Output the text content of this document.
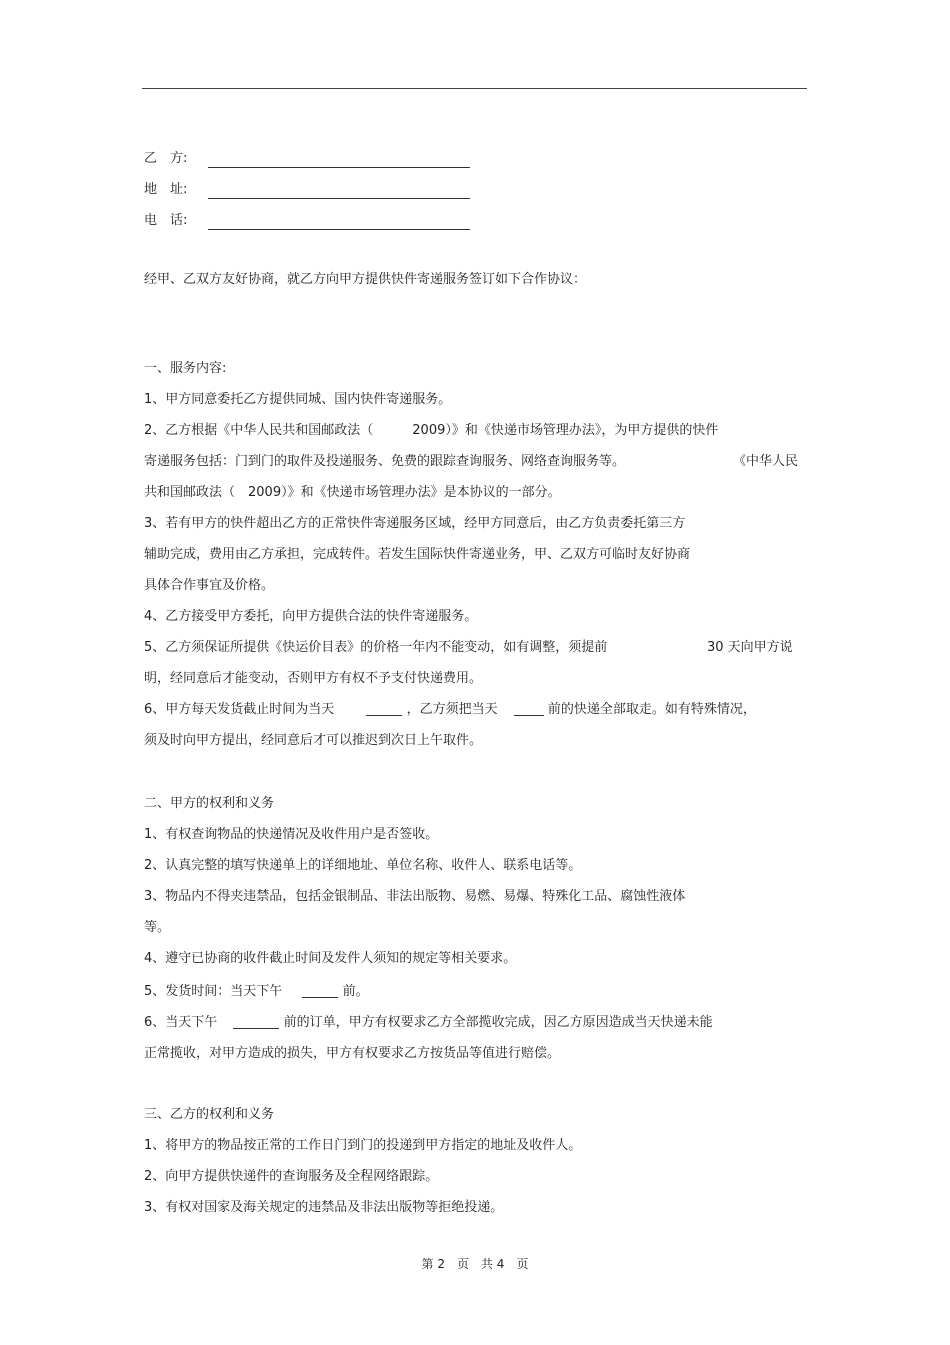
乙　方:
地　址:
电　话:
经甲、乙双方友好协商，就乙方向甲方提供快件寄递服务签订如下合作协议：
一、服务内容:
1、甲方同意委托乙方提供同城、国内快件寄递服务。
2、乙方根据《中华人民共和国邮政法（　　　2009）》和《快递市场管理办法》，为甲方提供的快件
寄递服务包括：门到门的取件及投递服务、免费的跟踪查询服务、网络查询服务等。	《中华人民
共和国邮政法（　2009）》和《快递市场管理办法》是本协议的一部分。
3、若有甲方的快件超出乙方的正常快件寄递服务区域，经甲方同意后，由乙方负责委托第三方
辅助完成，费用由乙方承担，完成转件。若发生国际快件寄递业务，甲、乙双方可临时友好协商
具体合作事宜及价格。
4、乙方接受甲方委托，向甲方提供合法的快件寄递服务。
5、乙方须保证所提供《快运价目表》的价格一年内不能变动，如有调整，须提前	30 天向甲方说
明，经同意后才能变动，否则甲方有权不予支付快递费用。
6、甲方每天发货截止时间为当天	，乙方须把当天	前的快递全部取走。如有特殊情况，
须及时向甲方提出，经同意后才可以推迟到次日上午取件。
二、甲方的权利和义务
1、有权查询物品的快递情况及收件用户是否签收。
2、认真完整的填写快递单上的详细地址、单位名称、收件人、联系电话等。
3、物品内不得夹违禁品，包括金银制品、非法出版物、易燃、易爆、特殊化工品、腐蚀性液体
等。
4、遵守已协商的收件截止时间及发件人须知的规定等相关要求。
5、发货时间：当天下午	前。
6、当天下午	前的订单，甲方有权要求乙方全部揽收完成，因乙方原因造成当天快递未能
正常揽收，对甲方造成的损失，甲方有权要求乙方按货品等值进行赔偿。
三、乙方的权利和义务
1、将甲方的物品按正常的工作日门到门的投递到甲方指定的地址及收件人。
2、向甲方提供快递件的查询服务及全程网络跟踪。
3、有权对国家及海关规定的违禁品及非法出版物等拒绝投递。
第 2　页　共 4　页
